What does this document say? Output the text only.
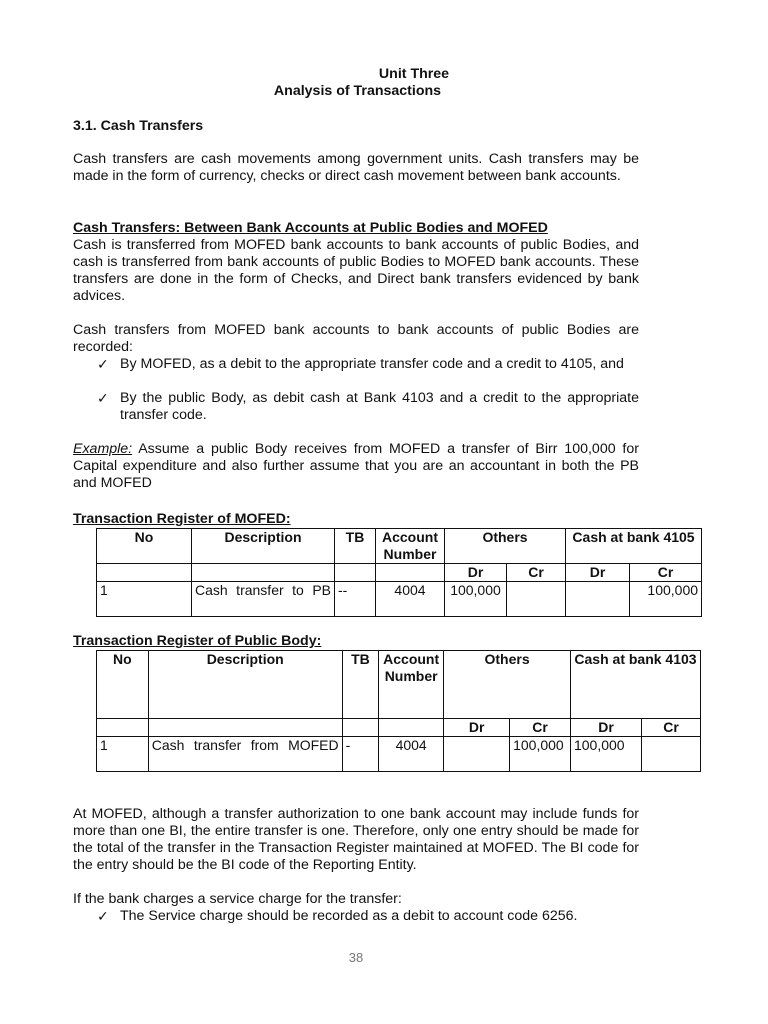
Unit Three
Analysis of Transactions
3.1. Cash Transfers
Cash transfers are cash movements among government units. Cash transfers may be made in the form of currency, checks or direct cash movement between bank accounts.
Cash Transfers: Between Bank Accounts at Public Bodies and MOFED
Cash is transferred from MOFED bank accounts to bank accounts of public Bodies, and cash is transferred from bank accounts of public Bodies to MOFED bank accounts. These transfers are done in the form of Checks, and Direct bank transfers evidenced by bank advices.
Cash transfers from MOFED bank accounts to bank accounts of public Bodies are recorded:
✓ By MOFED, as a debit to the appropriate transfer code and a credit to 4105, and
✓ By the public Body, as debit cash at Bank 4103 and a credit to the appropriate transfer code.
Example: Assume a public Body receives from MOFED a transfer of Birr 100,000 for Capital expenditure and also further assume that you are an accountant in both the PB and MOFED
Transaction Register of MOFED:
No	Description	TB	Account Number	Others		Cash at bank 4105	
				Dr	Cr	Dr	Cr
1	Cash transfer to PB	--	4004	100,000			100,000
Transaction Register of Public Body:
No	Description	TB	Account Number	Others		Cash at bank 4103	
				Dr	Cr	Dr	Cr
1	Cash transfer from MOFED	-	4004		100,000	100,000	
At MOFED, although a transfer authorization to one bank account may include funds for more than one BI, the entire transfer is one. Therefore, only one entry should be made for the total of the transfer in the Transaction Register maintained at MOFED. The BI code for the entry should be the BI code of the Reporting Entity.
If the bank charges a service charge for the transfer:
✓ The Service charge should be recorded as a debit to account code 6256.
38
